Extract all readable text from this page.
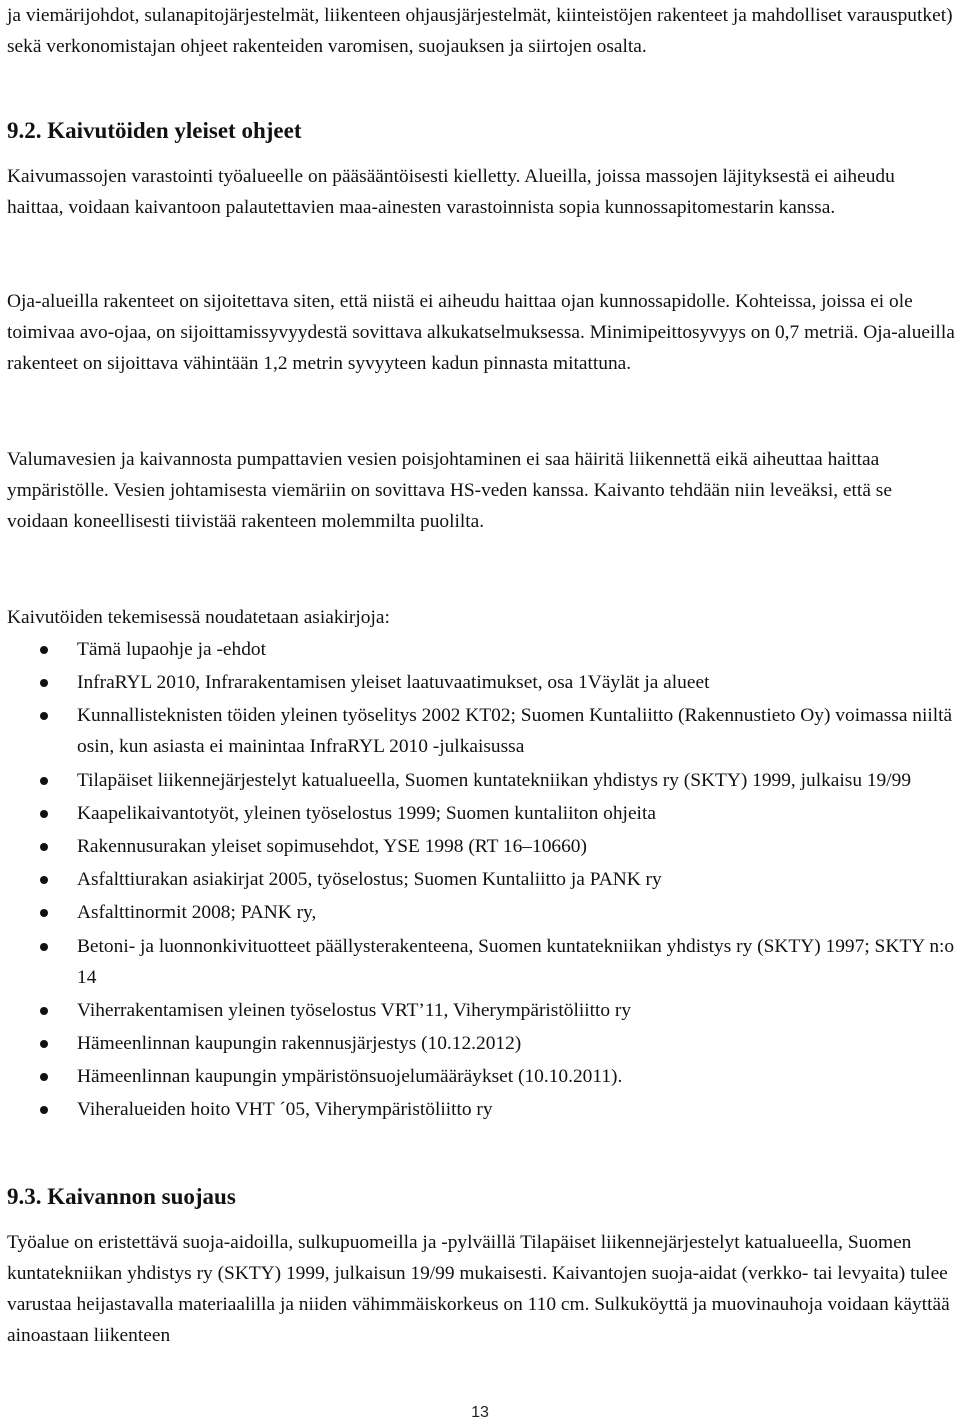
ja viemärijohdot, sulanapitojärjestelmät, liikenteen ohjausjärjestelmät, kiinteistöjen rakenteet ja mahdolliset varausputket) sekä verkonomistajan ohjeet rakenteiden varomisen, suojauksen ja siirtojen osalta.

9.2. Kaivutöiden yleiset ohjeet

Kaivumassojen varastointi työalueelle on pääsääntöisesti kielletty. Alueilla, joissa massojen läjityksestä ei aiheudu haittaa, voidaan kaivantoon palautettavien maa-ainesten varastoinnista sopia kunnossapitomestarin kanssa.

Oja-alueilla rakenteet on sijoitettava siten, että niistä ei aiheudu haittaa ojan kunnossapidolle. Kohteissa, joissa ei ole toimivaa avo-ojaa, on sijoittamissyvyydestä sovittava alkukatselmuksessa. Minimipeittosyvyys on 0,7 metriä. Oja-alueilla rakenteet on sijoittava vähintään 1,2 metrin syvyyteen kadun pinnasta mitattuna.

Valumavesien ja kaivannosta pumpattavien vesien poisjohtaminen ei saa häiritä liikennettä eikä aiheuttaa haittaa ympäristölle. Vesien johtamisesta viemäriin on sovittava HS-veden kanssa. Kaivanto tehdään niin leveäksi, että se voidaan koneellisesti tiivistää rakenteen molemmilta puolilta.

Kaivutöiden tekemisessä noudatetaan asiakirjoja:

Tämä lupaohje ja -ehdot
InfraRYL 2010, Infrarakentamisen yleiset laatuvaatimukset, osa 1Väylät ja alueet
Kunnallisteknisten töiden yleinen työselitys 2002 KT02; Suomen Kuntaliitto (Rakennustieto Oy) voimassa niiltä osin, kun asiasta ei mainintaa InfraRYL 2010 -julkaisussa
Tilapäiset liikennejärjestelyt katualueella, Suomen kuntatekniikan yhdistys ry (SKTY) 1999, julkaisu 19/99
Kaapelikaivantotyöt, yleinen työselostus 1999; Suomen kuntaliiton ohjeita
Rakennusurakan yleiset sopimusehdot, YSE 1998 (RT 16–10660)
Asfalttiurakan asiakirjat 2005, työselostus; Suomen Kuntaliitto ja PANK ry
Asfalttinormit 2008; PANK ry,
Betoni- ja luonnonkivituotteet päällysterakenteena, Suomen kuntatekniikan yhdistys ry (SKTY) 1997; SKTY n:o 14
Viherrakentamisen yleinen työselostus VRT’11, Viherympäristöliitto ry
Hämeenlinnan kaupungin rakennusjärjestys (10.12.2012)
Hämeenlinnan kaupungin ympäristönsuojelumääräykset (10.10.2011).
Viheralueiden hoito VHT ´05, Viherympäristöliitto ry
9.3. Kaivannon suojaus

Työalue on eristettävä suoja-aidoilla, sulkupuomeilla ja -pylväillä Tilapäiset liikennejärjestelyt katualueella, Suomen kuntatekniikan yhdistys ry (SKTY) 1999, julkaisun 19/99 mukaisesti. Kaivantojen suoja-aidat (verkko- tai levyaita) tulee varustaa heijastavalla materiaalilla ja niiden vähimmäiskorkeus on 110 cm. Sulkuköyttä ja muovinauhoja voidaan käyttää ainoastaan liikenteen

13
